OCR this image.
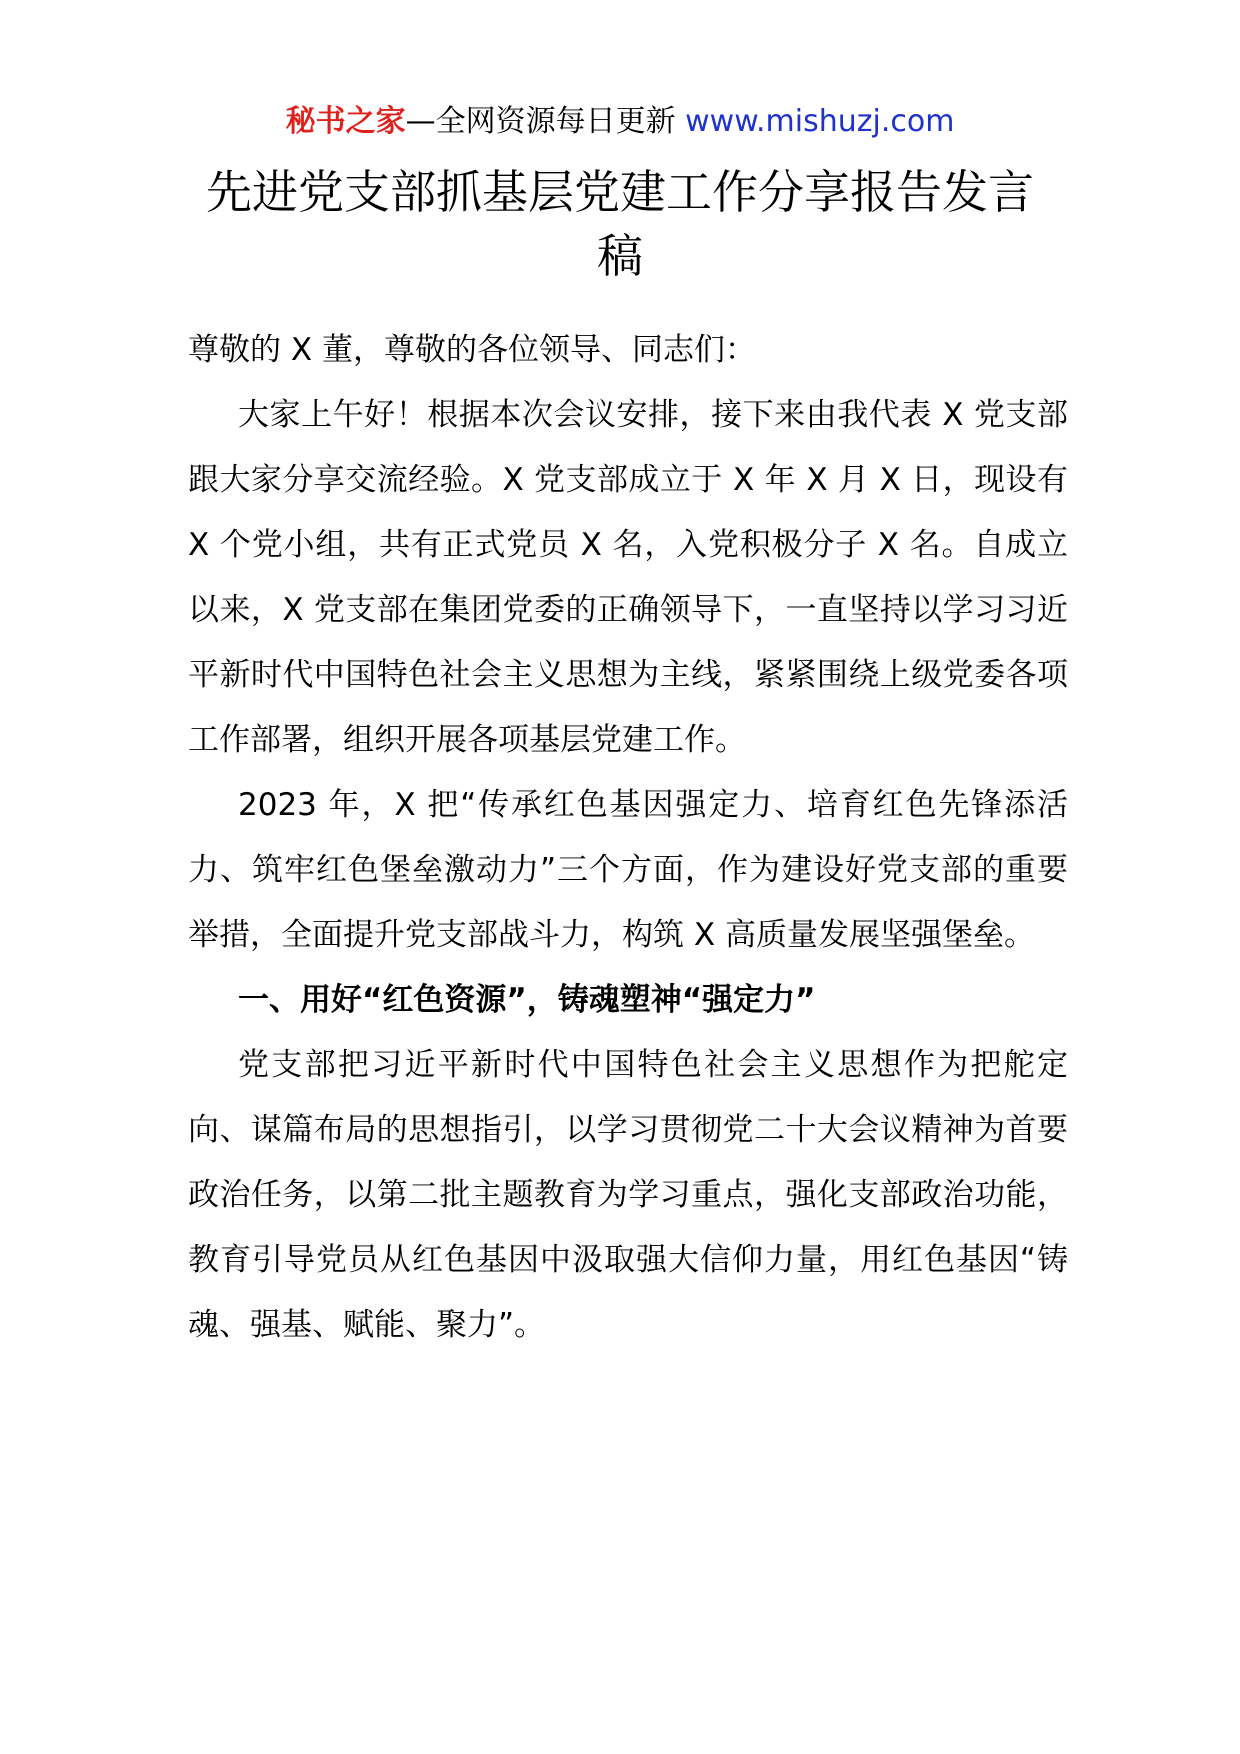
秘书之家—全网资源每日更新 www.mishuzj.com
先进党支部抓基层党建工作分享报告发言稿

尊敬的 X 董，尊敬的各位领导、同志们：

大家上午好！根据本次会议安排，接下来由我代表 X 党支部跟大家分享交流经验。X 党支部成立于 X 年 X 月 X 日，现设有 X 个党小组，共有正式党员 X 名，入党积极分子 X 名。自成立以来，X 党支部在集团党委的正确领导下，一直坚持以学习习近平新时代中国特色社会主义思想为主线，紧紧围绕上级党委各项工作部署，组织开展各项基层党建工作。

2023 年，X 把“传承红色基因强定力、培育红色先锋添活力、筑牢红色堡垒激动力”三个方面，作为建设好党支部的重要举措，全面提升党支部战斗力，构筑 X 高质量发展坚强堡垒。

一、用好“红色资源”，铸魂塑神“强定力”

党支部把习近平新时代中国特色社会主义思想作为把舵定向、谋篇布局的思想指引，以学习贯彻党二十大会议精神为首要政治任务，以第二批主题教育为学习重点，强化支部政治功能，教育引导党员从红色基因中汲取强大信仰力量，用红色基因“铸魂、强基、赋能、聚力”。
